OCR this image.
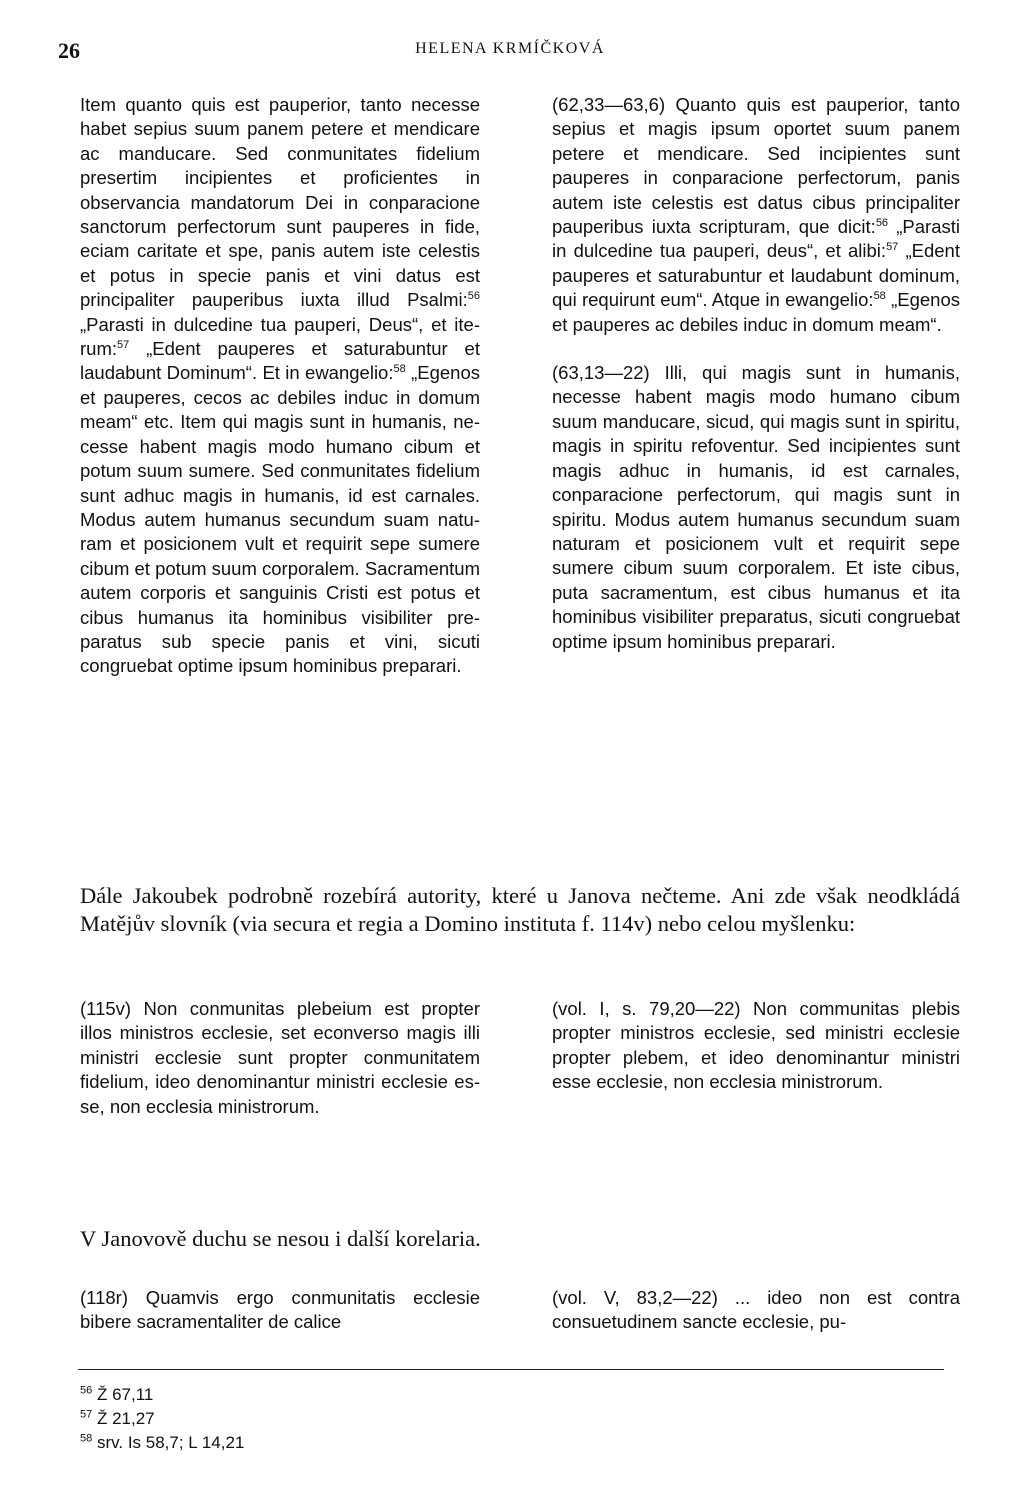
26	HELENA KRMÍČKOVÁ

Item quanto quis est pauperior, tanto necesse habet sepius suum panem petere et mendicare ac manducare. Sed conmunitates fidelium presertim incipientes et proficientes in observancia mandatorum Dei in conparacione sanctorum perfectorum sunt pauperes in fide, eciam caritate et spe, panis autem iste celestis et potus in specie panis et vini datus est principaliter pauperibus iuxta illud Psalmi:$^{56}$ „Parasti in dulcedine tua pauperi, Deus“, et iterum:$^{57}$ „Edent pauperes et saturabuntur et laudabunt Dominum“. Et in ewangelio:$^{58}$ „Egenos et pauperes, cecos ac debiles induc in domum meam“ etc. Item qui magis sunt in humanis, necesse habent magis modo humano cibum et potum suum sumere. Sed conmunitates fidelium sunt adhuc magis in humanis, id est carnales. Modus autem humanus secundum suam naturam et posicionem vult et requirit sepe sumere cibum et potum suum corporalem. Sacramentum autem corporis et sanguinis Cristi est potus et cibus humanus ita hominibus visibiliter preparatus sub specie panis et vini, sicuti congruebat optime ipsum hominibus preparari.

(62,33—63,6) Quanto quis est pauperior, tanto sepius et magis ipsum oportet suum panem petere et mendicare. Sed incipientes sunt pauperes in conparacione perfectorum, panis autem iste celestis est datus cibus principaliter pauperibus iuxta scripturam, que dicit:$^{56}$ „Parasti in dulcedine tua pauperi, deus“, et alibi:$^{57}$ „Edent pauperes et saturabuntur et laudabunt dominum, qui requirunt eum“. Atque in ewangelio:$^{58}$ „Egenos et pauperes ac debiles induc in domum meam“.

(63,13—22) Illi, qui magis sunt in humanis, necesse habent magis modo humano cibum suum manducare, sicud, qui magis sunt in spiritu, magis in spiritu refoventur. Sed incipientes sunt magis adhuc in humanis, id est carnales, conparacione perfectorum, qui magis sunt in spiritu. Modus autem humanus secundum suam naturam et posicionem vult et requirit sepe sumere cibum suum corporalem. Et iste cibus, puta sacramentum, est cibus humanus et ita hominibus visibiliter preparatus, sicuti congruebat optime ipsum hominibus preparari.

Dále Jakoubek podrobně rozebírá autority, které u Janova nečteme. Ani zde však neodkládá Matějův slovník (via secura et regia a Domino instituta f. 114v) nebo celou myšlenku:

(115v) Non conmunitas plebeium est propter illos ministros ecclesie, set econverso magis illi ministri ecclesie sunt propter conmunitatem fidelium, ideo denominantur ministri ecclesie esse, non ecclesia ministrorum.

(vol. I, s. 79,20—22) Non communitas plebis propter ministros ecclesie, sed ministri ecclesie propter plebem, et ideo denominantur ministri esse ecclesie, non ecclesia ministrorum.

V Janovově duchu se nesou i další korelaria.

(118r) Quamvis ergo conmunitatis ecclesie bibere sacramentaliter de calice

(vol. V, 83,2—22) ... ideo non est contra consuetudinem sancte ecclesie, pu-

$^{56}$ Ž 67,11
$^{57}$ Ž 21,27
$^{58}$ srv. Is 58,7; L 14,21
